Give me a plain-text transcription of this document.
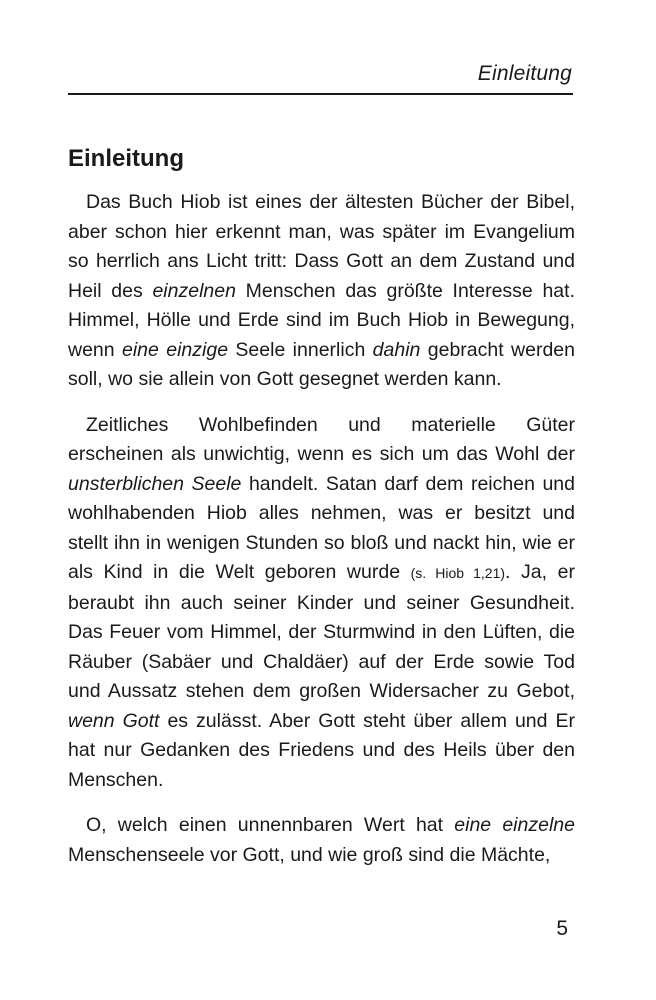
Einleitung
Einleitung

Das Buch Hiob ist eines der ältesten Bücher der Bibel, aber schon hier erkennt man, was später im Evangelium so herrlich ans Licht tritt: Dass Gott an dem Zustand und Heil des einzelnen Menschen das größte Interesse hat. Himmel, Hölle und Erde sind im Buch Hiob in Bewegung, wenn eine einzige Seele innerlich dahin gebracht werden soll, wo sie allein von Gott gesegnet werden kann.

Zeitliches Wohlbefinden und materielle Güter erscheinen als unwichtig, wenn es sich um das Wohl der unsterblichen Seele handelt. Satan darf dem reichen und wohlhabenden Hiob alles nehmen, was er besitzt und stellt ihn in wenigen Stunden so bloß und nackt hin, wie er als Kind in die Welt geboren wurde (s. Hiob 1,21). Ja, er beraubt ihn auch seiner Kinder und seiner Gesundheit. Das Feuer vom Himmel, der Sturmwind in den Lüften, die Räuber (Sabäer und Chaldäer) auf der Erde sowie Tod und Aussatz stehen dem großen Widersacher zu Gebot, wenn Gott es zulässt. Aber Gott steht über allem und Er hat nur Gedanken des Friedens und des Heils über den Menschen.

O, welch einen unnennbaren Wert hat eine einzelne Menschenseele vor Gott, und wie groß sind die Mächte,

5
